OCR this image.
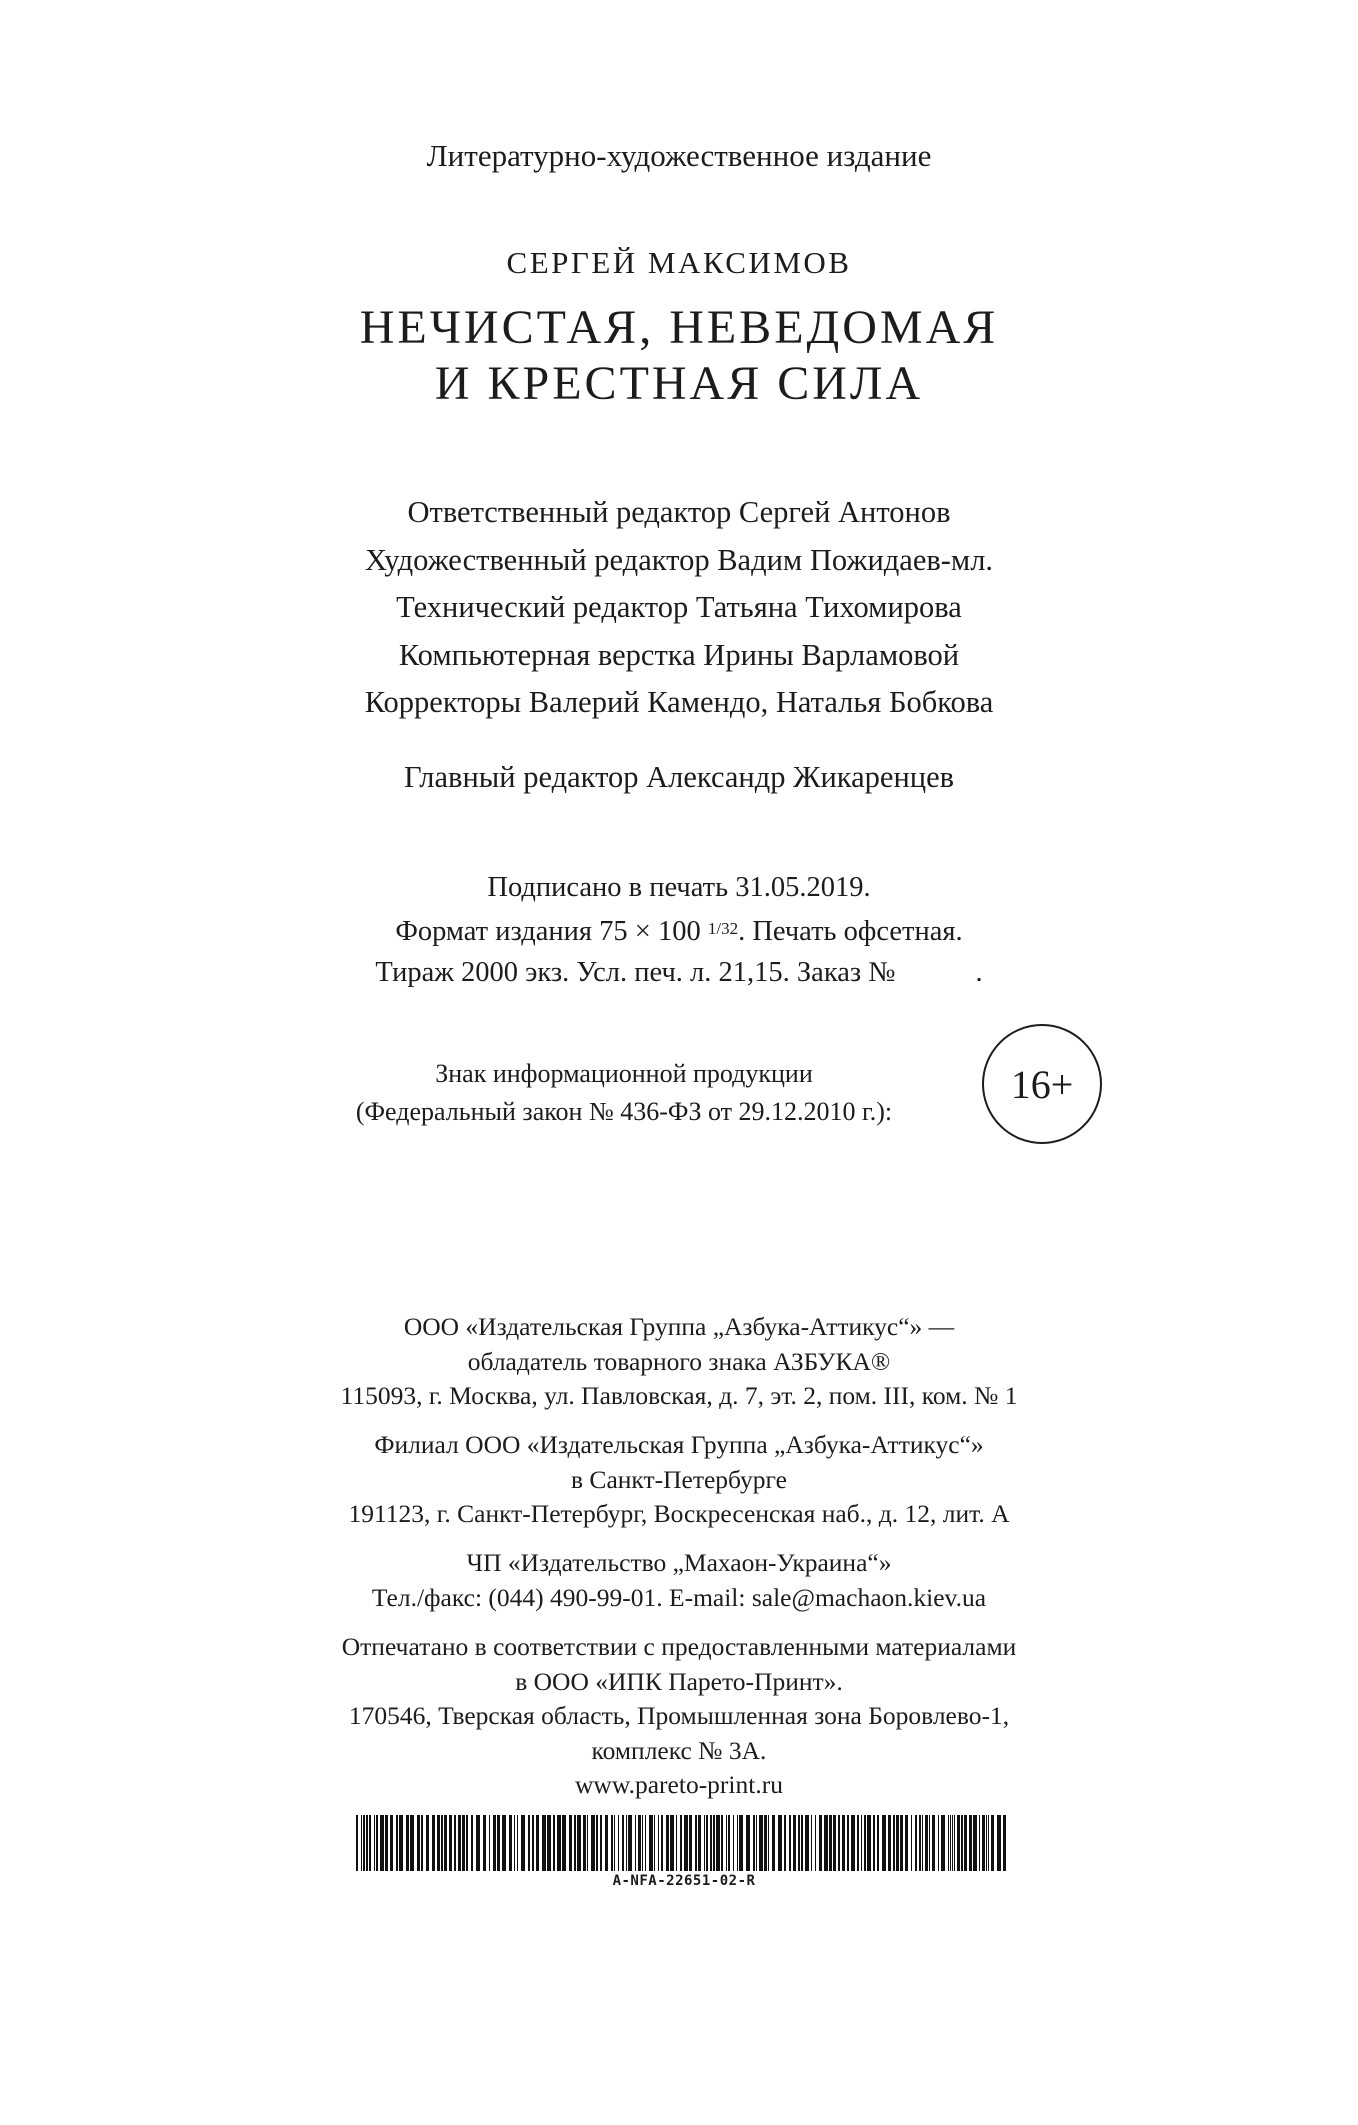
Литературно-художественное издание
СЕРГЕЙ МАКСИМОВ
НЕЧИСТАЯ, НЕВЕДОМАЯ
И КРЕСТНАЯ СИЛА
Ответственный редактор Сергей Антонов
Художественный редактор Вадим Пожидаев-мл.
Технический редактор Татьяна Тихомирова
Компьютерная верстка Ирины Варламовой
Корректоры Валерий Камендо, Наталья Бобкова
Главный редактор Александр Жикаренцев
Подписано в печать 31.05.2019.
Формат издания 75 × 100 $^{1/32}$. Печать офсетная.
Тираж 2000 экз. Усл. печ. л. 21,15. Заказ №	.
Знак информационной продукции
(Федеральный закон № 436-ФЗ от 29.12.2010 г.):
16+
ООО «Издательская Группа „Азбука-Аттикус“» —
обладатель товарного знака АЗБУКА®
115093, г. Москва, ул. Павловская, д. 7, эт. 2, пом. III, ком. № 1
Филиал ООО «Издательская Группа „Азбука-Аттикус“»
в Санкт-Петербурге
191123, г. Санкт-Петербург, Воскресенская наб., д. 12, лит. А
ЧП «Издательство „Махаон-Украина“»
Тел./факс: (044) 490-99-01. E-mail: sale@machaon.kiev.ua
Отпечатано в соответствии с предоставленными материалами
в ООО «ИПК Парето-Принт».
170546, Тверская область, Промышленная зона Боровлево-1,
комплекс № 3А.
www.pareto-print.ru
A-NFA-22651-02-R
